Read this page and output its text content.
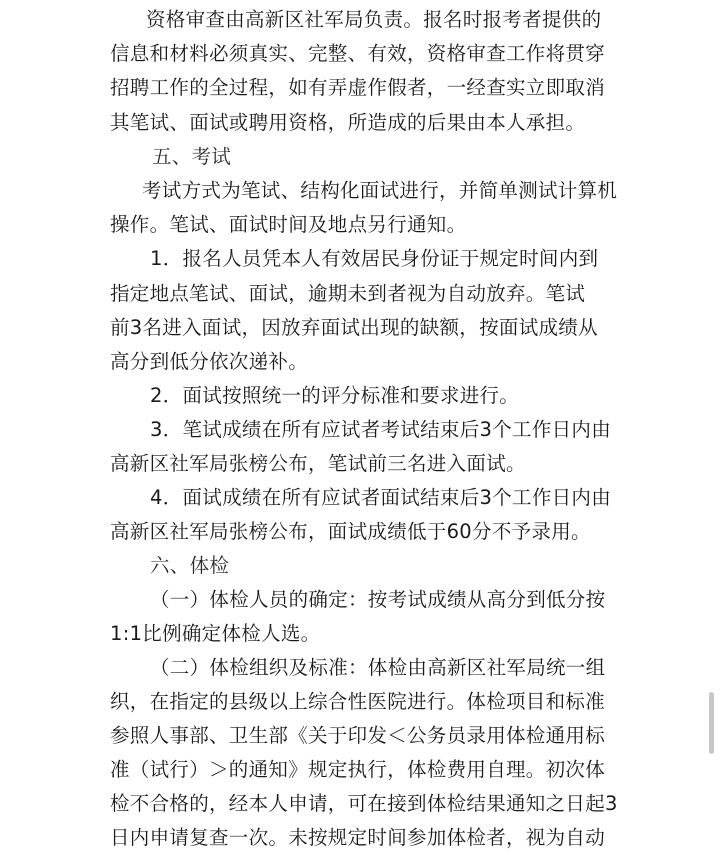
资格审查由高新区社军局负责。报名时报考者提供的
信息和材料必须真实、完整、有效，资格审查工作将贯穿
招聘工作的全过程，如有弄虚作假者，一经查实立即取消
其笔试、面试或聘用资格，所造成的后果由本人承担。
五、考试
考试方式为笔试、结构化面试进行，并简单测试计算机
操作。笔试、面试时间及地点另行通知。
1．报名人员凭本人有效居民身份证于规定时间内到
指定地点笔试、面试，逾期未到者视为自动放弃。笔试
前3名进入面试，因放弃面试出现的缺额，按面试成绩从
高分到低分依次递补。
2．面试按照统一的评分标准和要求进行。
3．笔试成绩在所有应试者考试结束后3个工作日内由
高新区社军局张榜公布，笔试前三名进入面试。
4．面试成绩在所有应试者面试结束后3个工作日内由
高新区社军局张榜公布，面试成绩低于60分不予录用。
六、体检
（一）体检人员的确定：按考试成绩从高分到低分按
1:1比例确定体检人选。
（二）体检组织及标准：体检由高新区社军局统一组
织，在指定的县级以上综合性医院进行。体检项目和标准
参照人事部、卫生部《关于印发＜公务员录用体检通用标
准（试行）＞的通知》规定执行，体检费用自理。初次体
检不合格的，经本人申请，可在接到体检结果通知之日起3
日内申请复查一次。未按规定时间参加体检者，视为自动
